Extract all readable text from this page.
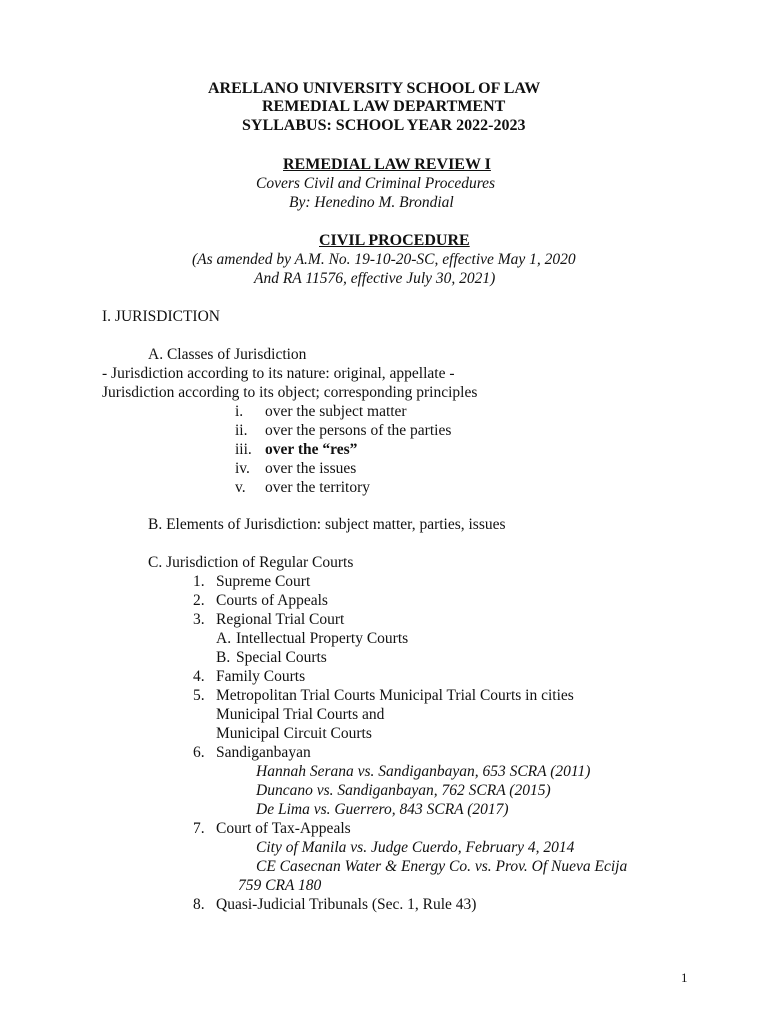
ARELLANO UNIVERSITY SCHOOL OF LAW
REMEDIAL LAW DEPARTMENT
SYLLABUS: SCHOOL YEAR 2022-2023
REMEDIAL LAW REVIEW I
Covers Civil and Criminal Procedures
By: Henedino M. Brondial
CIVIL PROCEDURE
(As amended by A.M. No. 19-10-20-SC, effective May 1, 2020
And RA 11576, effective July 30, 2021)
I. JURISDICTION
A. Classes of Jurisdiction
- Jurisdiction according to its nature: original, appellate -
Jurisdiction according to its object; corresponding principles
i. over the subject matter
ii. over the persons of the parties
iii. over the “res”
iv. over the issues
v. over the territory
B. Elements of Jurisdiction: subject matter, parties, issues
C. Jurisdiction of Regular Courts
1. Supreme Court
2. Courts of Appeals
3. Regional Trial Court
A. Intellectual Property Courts
B. Special Courts
4. Family Courts
5. Metropolitan Trial Courts Municipal Trial Courts in cities
Municipal Trial Courts and
Municipal Circuit Courts
6. Sandiganbayan
Hannah Serana vs. Sandiganbayan, 653 SCRA (2011)
Duncano vs. Sandiganbayan, 762 SCRA (2015)
De Lima vs. Guerrero, 843 SCRA (2017)
7. Court of Tax-Appeals
City of Manila vs. Judge Cuerdo, February 4, 2014
CE Casecnan Water & Energy Co. vs. Prov. Of Nueva Ecija
759 CRA 180
8. Quasi-Judicial Tribunals (Sec. 1, Rule 43)
1
